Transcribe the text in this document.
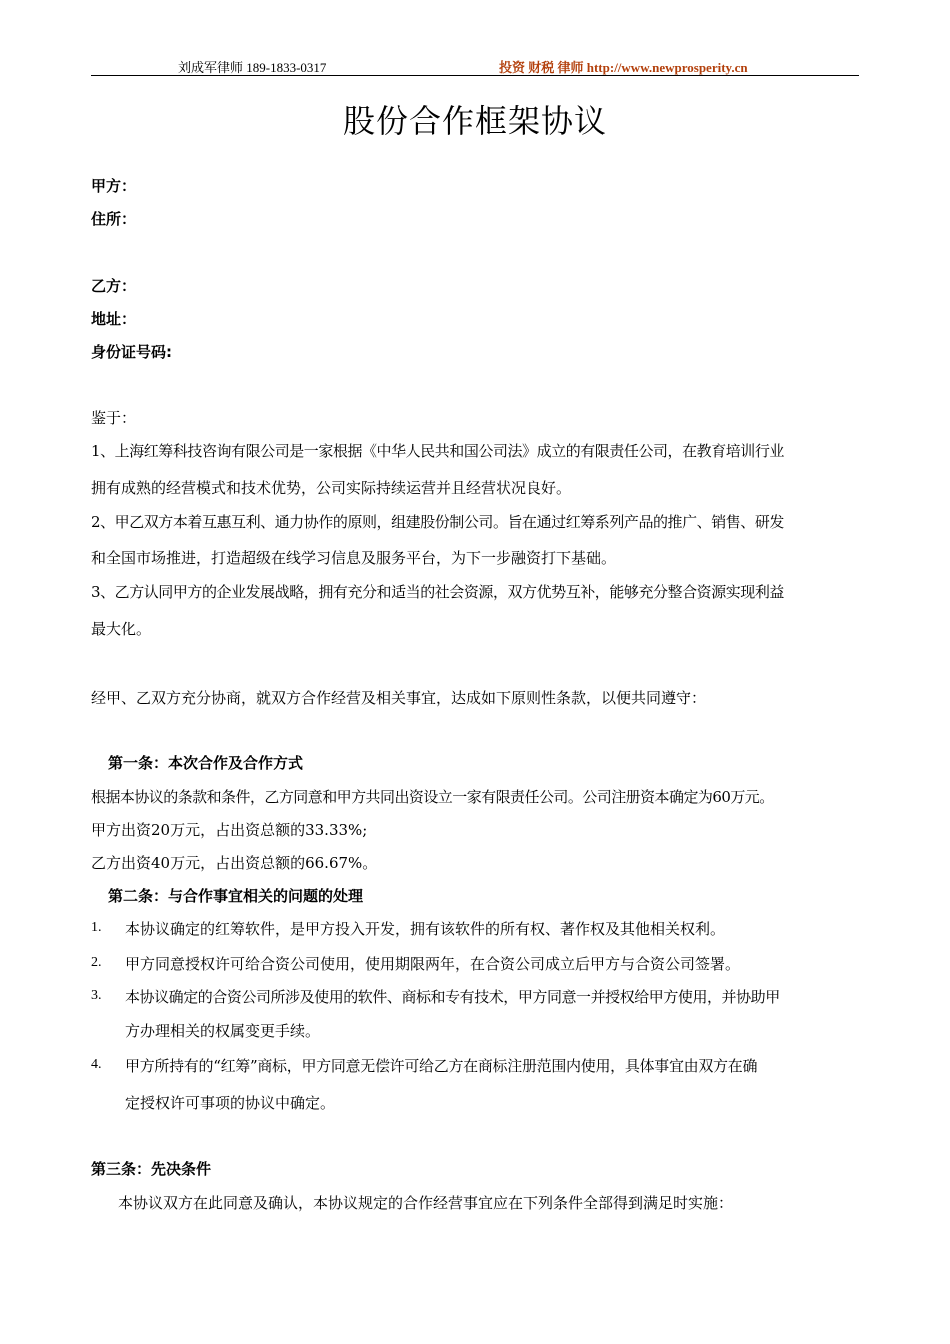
刘成军律师 189-1833-0317	投资 财税 律师 http://www.newprosperity.cn
股份合作框架协议
甲方：
住所：
乙方：
地址：
身份证号码:
鉴于：
1、上海红筹科技咨询有限公司是一家根据《中华人民共和国公司法》成立的有限责任公司，在教育培训行业
拥有成熟的经营模式和技术优势，公司实际持续运营并且经营状况良好。
2、甲乙双方本着互惠互利、通力协作的原则，组建股份制公司。旨在通过红筹系列产品的推广、销售、研发
和全国市场推进，打造超级在线学习信息及服务平台，为下一步融资打下基础。
3、乙方认同甲方的企业发展战略，拥有充分和适当的社会资源，双方优势互补，能够充分整合资源实现利益
最大化。
经甲、乙双方充分协商，就双方合作经营及相关事宜，达成如下原则性条款，以便共同遵守：
第一条：本次合作及合作方式
根据本协议的条款和条件，乙方同意和甲方共同出资设立一家有限责任公司。公司注册资本确定为60万元。
甲方出资20万元，占出资总额的33.33%;
乙方出资40万元，占出资总额的66.67%。
第二条：与合作事宜相关的问题的处理
1. 本协议确定的红筹软件，是甲方投入开发，拥有该软件的所有权、著作权及其他相关权利。
2. 甲方同意授权许可给合资公司使用，使用期限两年，在合资公司成立后甲方与合资公司签署。
3. 本协议确定的合资公司所涉及使用的软件、商标和专有技术，甲方同意一并授权给甲方使用，并协助甲
方办理相关的权属变更手续。
4. 甲方所持有的“红筹”商标，甲方同意无偿许可给乙方在商标注册范围内使用，具体事宜由双方在确
定授权许可事项的协议中确定。
第三条：先决条件
本协议双方在此同意及确认，本协议规定的合作经营事宜应在下列条件全部得到满足时实施：
